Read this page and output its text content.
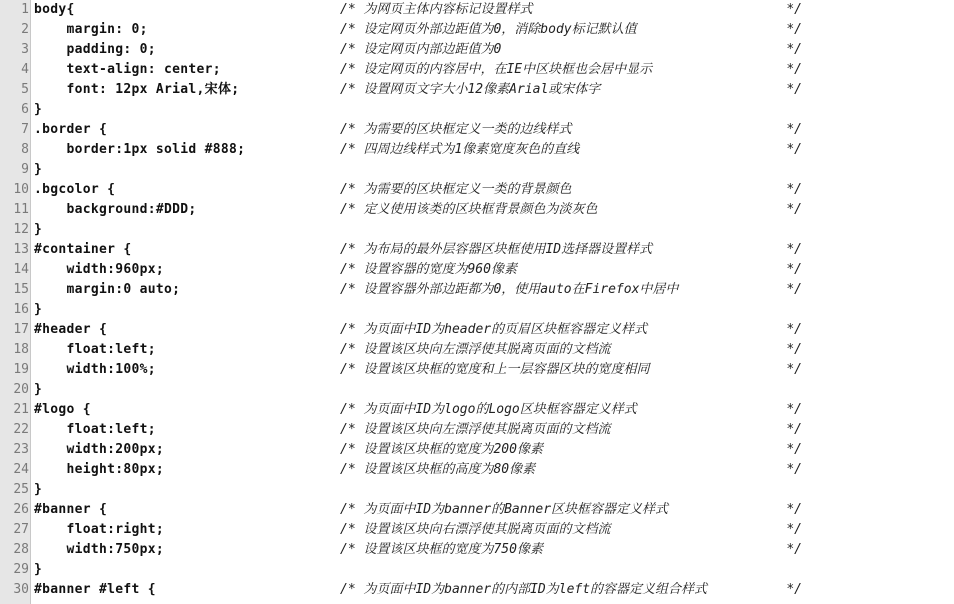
1 body{	/* 为网页主体内容标记设置样式	*/
2 margin: 0;	/* 设定网页外部边距值为0，消除body标记默认值	*/
3 padding: 0;	/* 设定网页内部边距值为0	*/
4 text-align: center;	/* 设定网页的内容居中，在IE中区块框也会居中显示	*/
5 font: 12px Arial,宋体;	/* 设置网页文字大小12像素Arial或宋体字	*/
6 }
7 .border {	/* 为需要的区块框定义一类的边线样式	*/
8 border:1px solid #888;	/* 四周边线样式为1像素宽度灰色的直线	*/
9 }
10 .bgcolor {	/* 为需要的区块框定义一类的背景颜色	*/
11 background:#DDD;	/* 定义使用该类的区块框背景颜色为淡灰色	*/
12 }
13 #container {	/* 为布局的最外层容器区块框使用ID选择器设置样式	*/
14 width:960px;	/* 设置容器的宽度为960像素	*/
15 margin:0 auto;	/* 设置容器外部边距都为0，使用auto在Firefox中居中	*/
16 }
17 #header {	/* 为页面中ID为header的页眉区块框容器定义样式	*/
18 float:left;	/* 设置该区块向左漂浮使其脱离页面的文档流	*/
19 width:100%;	/* 设置该区块框的宽度和上一层容器区块的宽度相同	*/
20 }
21 #logo {	/* 为页面中ID为logo的Logo区块框容器定义样式	*/
22 float:left;	/* 设置该区块向左漂浮使其脱离页面的文档流	*/
23 width:200px;	/* 设置该区块框的宽度为200像素	*/
24 height:80px;	/* 设置该区块框的高度为80像素	*/
25 }
26 #banner {	/* 为页面中ID为banner的Banner区块框容器定义样式	*/
27 float:right;	/* 设置该区块向右漂浮使其脱离页面的文档流	*/
28 width:750px;	/* 设置该区块框的宽度为750像素	*/
29 }
30 #banner #left {	/* 为页面中ID为banner的内部ID为left的容器定义组合样式	*/
